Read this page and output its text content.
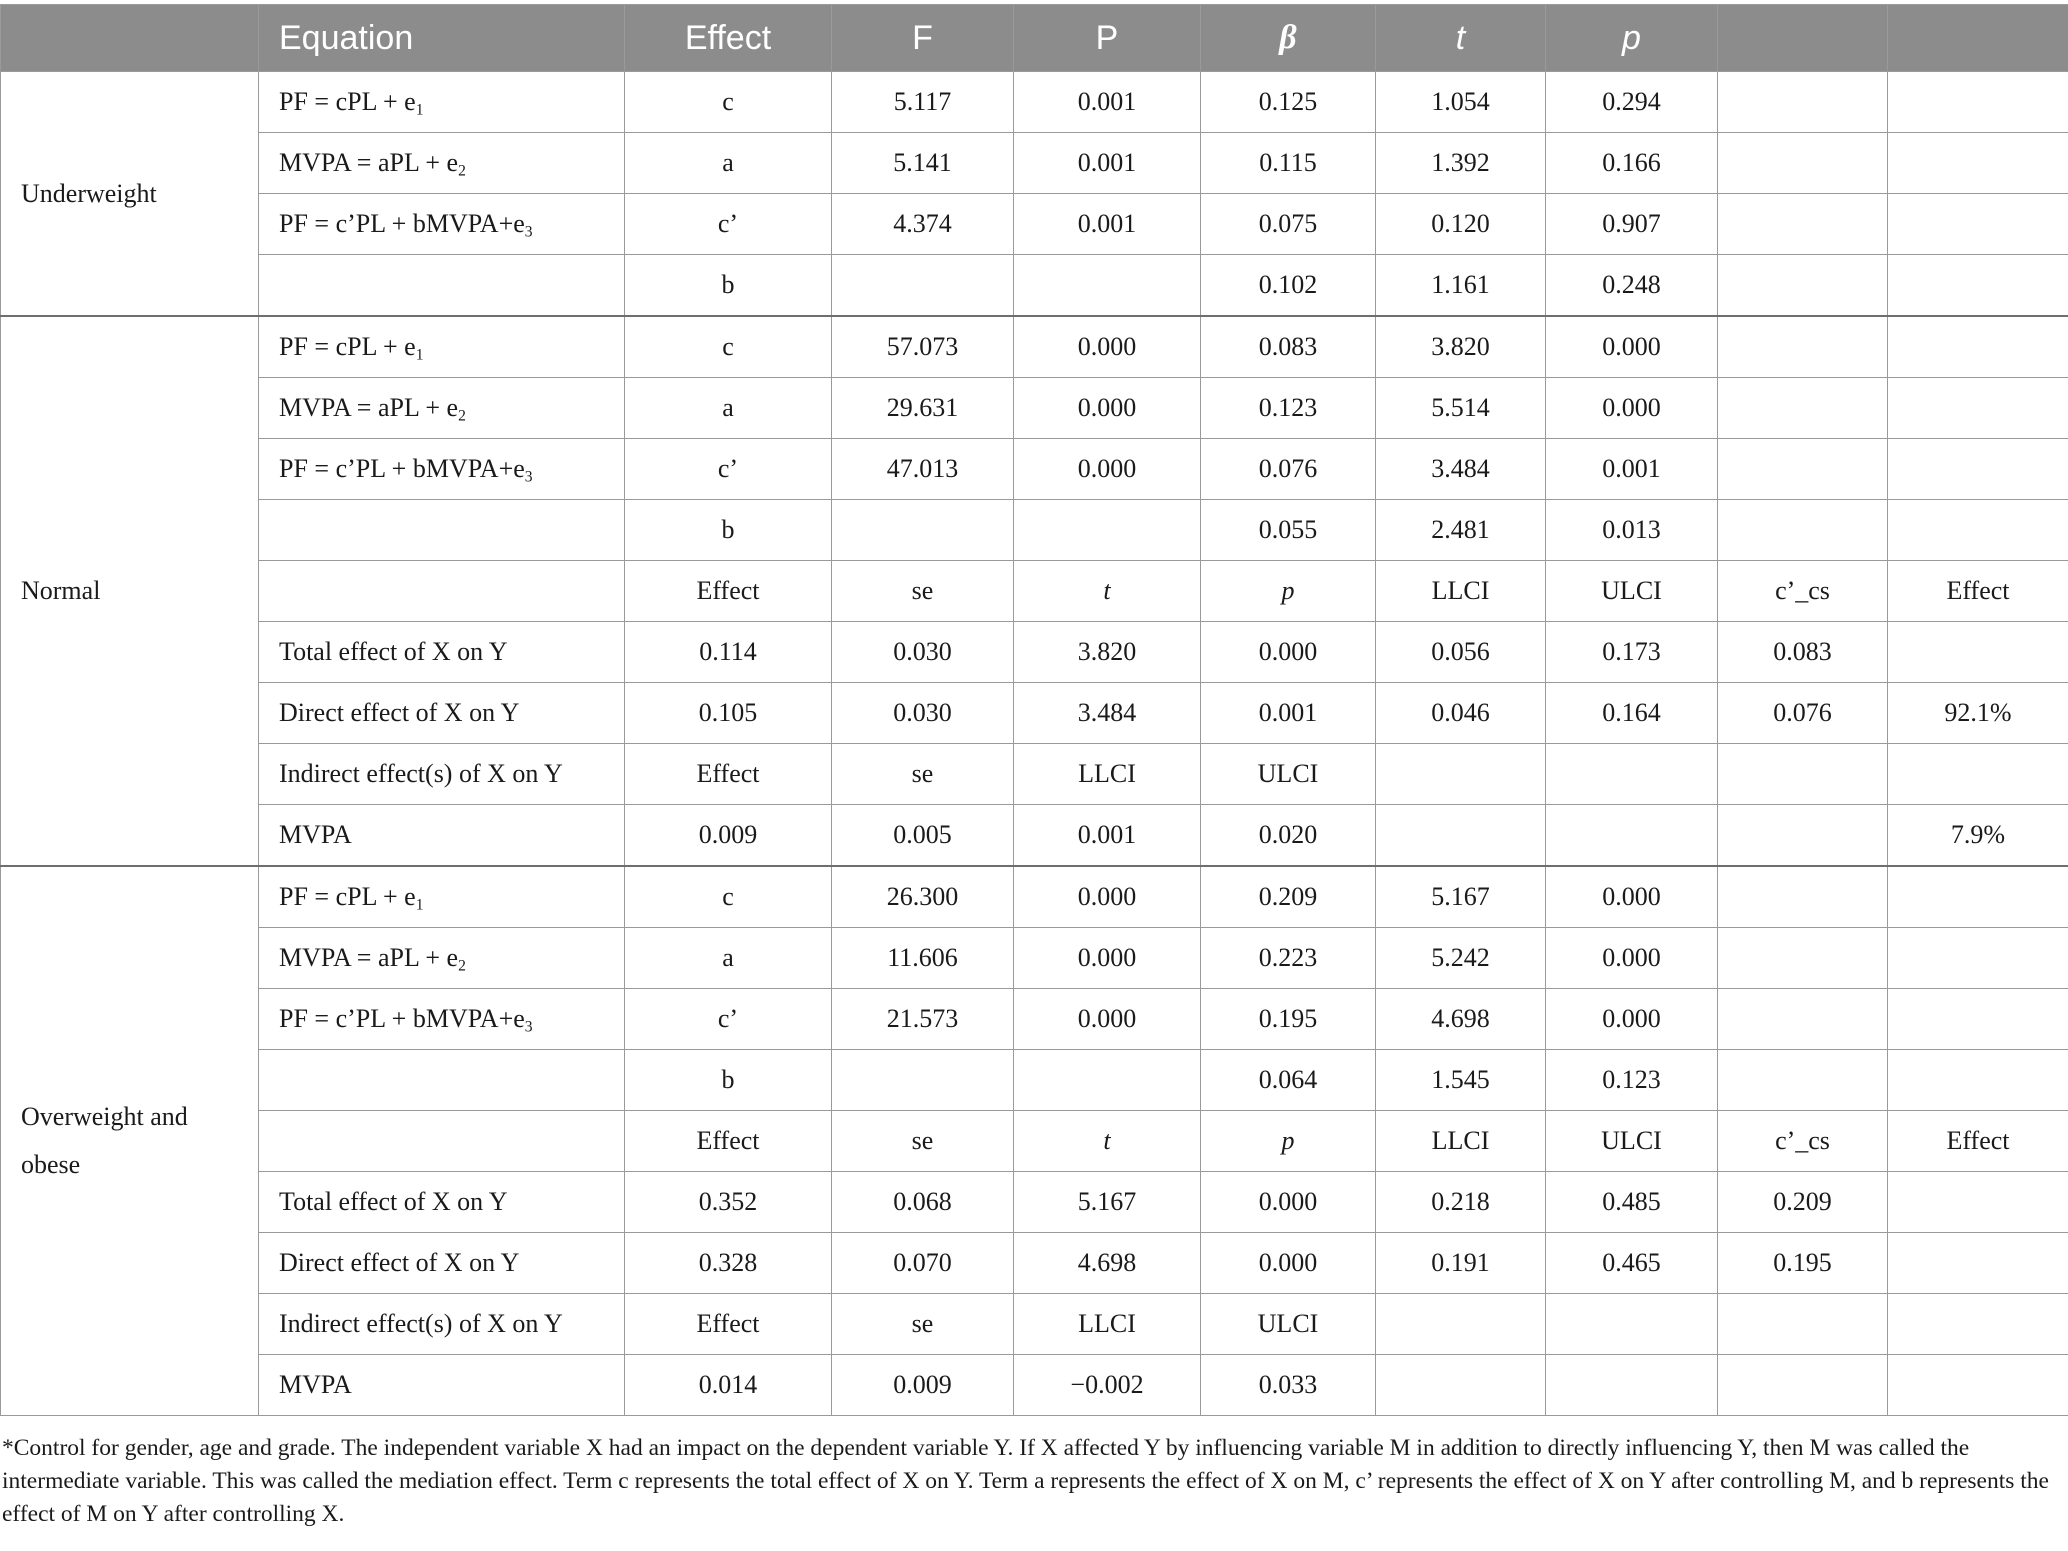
	Equation	Effect	F	P	β	t	p		
Underweight	PF = cPL + $e_1$	c	5.117	0.001	0.125	1.054	0.294		
	MVPA = aPL + $e_2$	a	5.141	0.001	0.115	1.392	0.166		
	PF = c’PL + $bMVPA+e_3$	c’	4.374	0.001	0.075	0.120	0.907		
		b			0.102	1.161	0.248		
Normal	PF = cPL + $e_1$	c	57.073	0.000	0.083	3.820	0.000		
	MVPA = aPL + $e_2$	a	29.631	0.000	0.123	5.514	0.000		
	PF = c’PL + $bMVPA+e_3$	c’	47.013	0.000	0.076	3.484	0.001		
		b			0.055	2.481	0.013		
		Effect	se	t	p	LLCI	ULCI	c’_cs	Effect
	Total effect of X on Y	0.114	0.030	3.820	0.000	0.056	0.173	0.083	
	Direct effect of X on Y	0.105	0.030	3.484	0.001	0.046	0.164	0.076	92.1%
	Indirect effect(s) of X on Y	Effect	se	LLCI	ULCI				
	MVPA	0.009	0.005	0.001	0.020				7.9%
Overweight and obese	PF = cPL + $e_1$	c	26.300	0.000	0.209	5.167	0.000		
	MVPA = aPL + $e_2$	a	11.606	0.000	0.223	5.242	0.000		
	PF = c’PL + $bMVPA+e_3$	c’	21.573	0.000	0.195	4.698	0.000		
		b			0.064	1.545	0.123		
		Effect	se	t	p	LLCI	ULCI	c’_cs	Effect
	Total effect of X on Y	0.352	0.068	5.167	0.000	0.218	0.485	0.209	
	Direct effect of X on Y	0.328	0.070	4.698	0.000	0.191	0.465	0.195	
	Indirect effect(s) of X on Y	Effect	se	LLCI	ULCI				
	MVPA	0.014	0.009	−0.002	0.033				
*Control for gender, age and grade. The independent variable X had an impact on the dependent variable Y. If X affected Y by influencing variable M in addition to directly influencing Y, then M was called the intermediate variable. This was called the mediation effect. Term c represents the total effect of X on Y. Term a represents the effect of X on M, c’ represents the effect of X on Y after controlling M, and b represents the effect of M on Y after controlling X.
